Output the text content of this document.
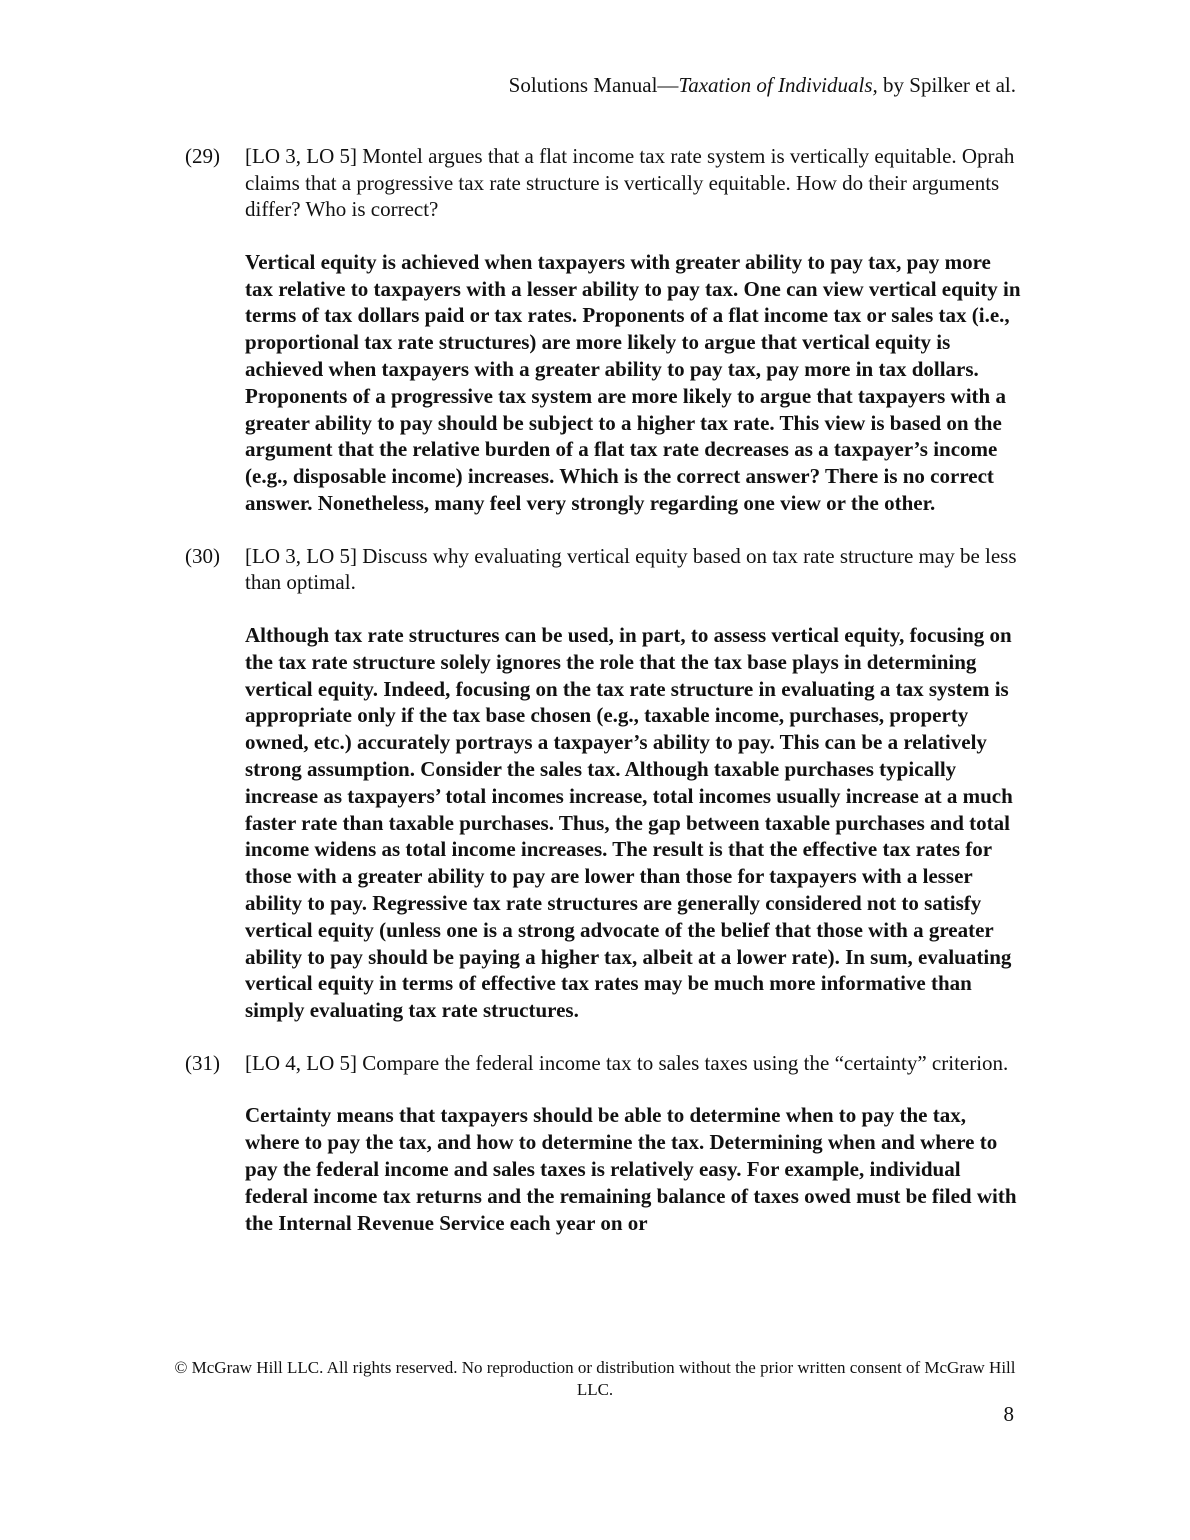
Solutions Manual—Taxation of Individuals, by Spilker et al.
(29)	[LO 3, LO 5] Montel argues that a flat income tax rate system is vertically equitable. Oprah claims that a progressive tax rate structure is vertically equitable. How do their arguments differ? Who is correct?
Vertical equity is achieved when taxpayers with greater ability to pay tax, pay more tax relative to taxpayers with a lesser ability to pay tax. One can view vertical equity in terms of tax dollars paid or tax rates. Proponents of a flat income tax or sales tax (i.e., proportional tax rate structures) are more likely to argue that vertical equity is achieved when taxpayers with a greater ability to pay tax, pay more in tax dollars. Proponents of a progressive tax system are more likely to argue that taxpayers with a greater ability to pay should be subject to a higher tax rate. This view is based on the argument that the relative burden of a flat tax rate decreases as a taxpayer’s income (e.g., disposable income) increases. Which is the correct answer? There is no correct answer. Nonetheless, many feel very strongly regarding one view or the other.
(30)	[LO 3, LO 5] Discuss why evaluating vertical equity based on tax rate structure may be less than optimal.
Although tax rate structures can be used, in part, to assess vertical equity, focusing on the tax rate structure solely ignores the role that the tax base plays in determining vertical equity. Indeed, focusing on the tax rate structure in evaluating a tax system is appropriate only if the tax base chosen (e.g., taxable income, purchases, property owned, etc.) accurately portrays a taxpayer’s ability to pay. This can be a relatively strong assumption. Consider the sales tax. Although taxable purchases typically increase as taxpayers’ total incomes increase, total incomes usually increase at a much faster rate than taxable purchases. Thus, the gap between taxable purchases and total income widens as total income increases. The result is that the effective tax rates for those with a greater ability to pay are lower than those for taxpayers with a lesser ability to pay. Regressive tax rate structures are generally considered not to satisfy vertical equity (unless one is a strong advocate of the belief that those with a greater ability to pay should be paying a higher tax, albeit at a lower rate). In sum, evaluating vertical equity in terms of effective tax rates may be much more informative than simply evaluating tax rate structures.
(31)	[LO 4, LO 5] Compare the federal income tax to sales taxes using the “certainty” criterion.
Certainty means that taxpayers should be able to determine when to pay the tax, where to pay the tax, and how to determine the tax. Determining when and where to pay the federal income and sales taxes is relatively easy. For example, individual federal income tax returns and the remaining balance of taxes owed must be filed with the Internal Revenue Service each year on or
© McGraw Hill LLC. All rights reserved. No reproduction or distribution without the prior written consent of McGraw Hill LLC.
8
